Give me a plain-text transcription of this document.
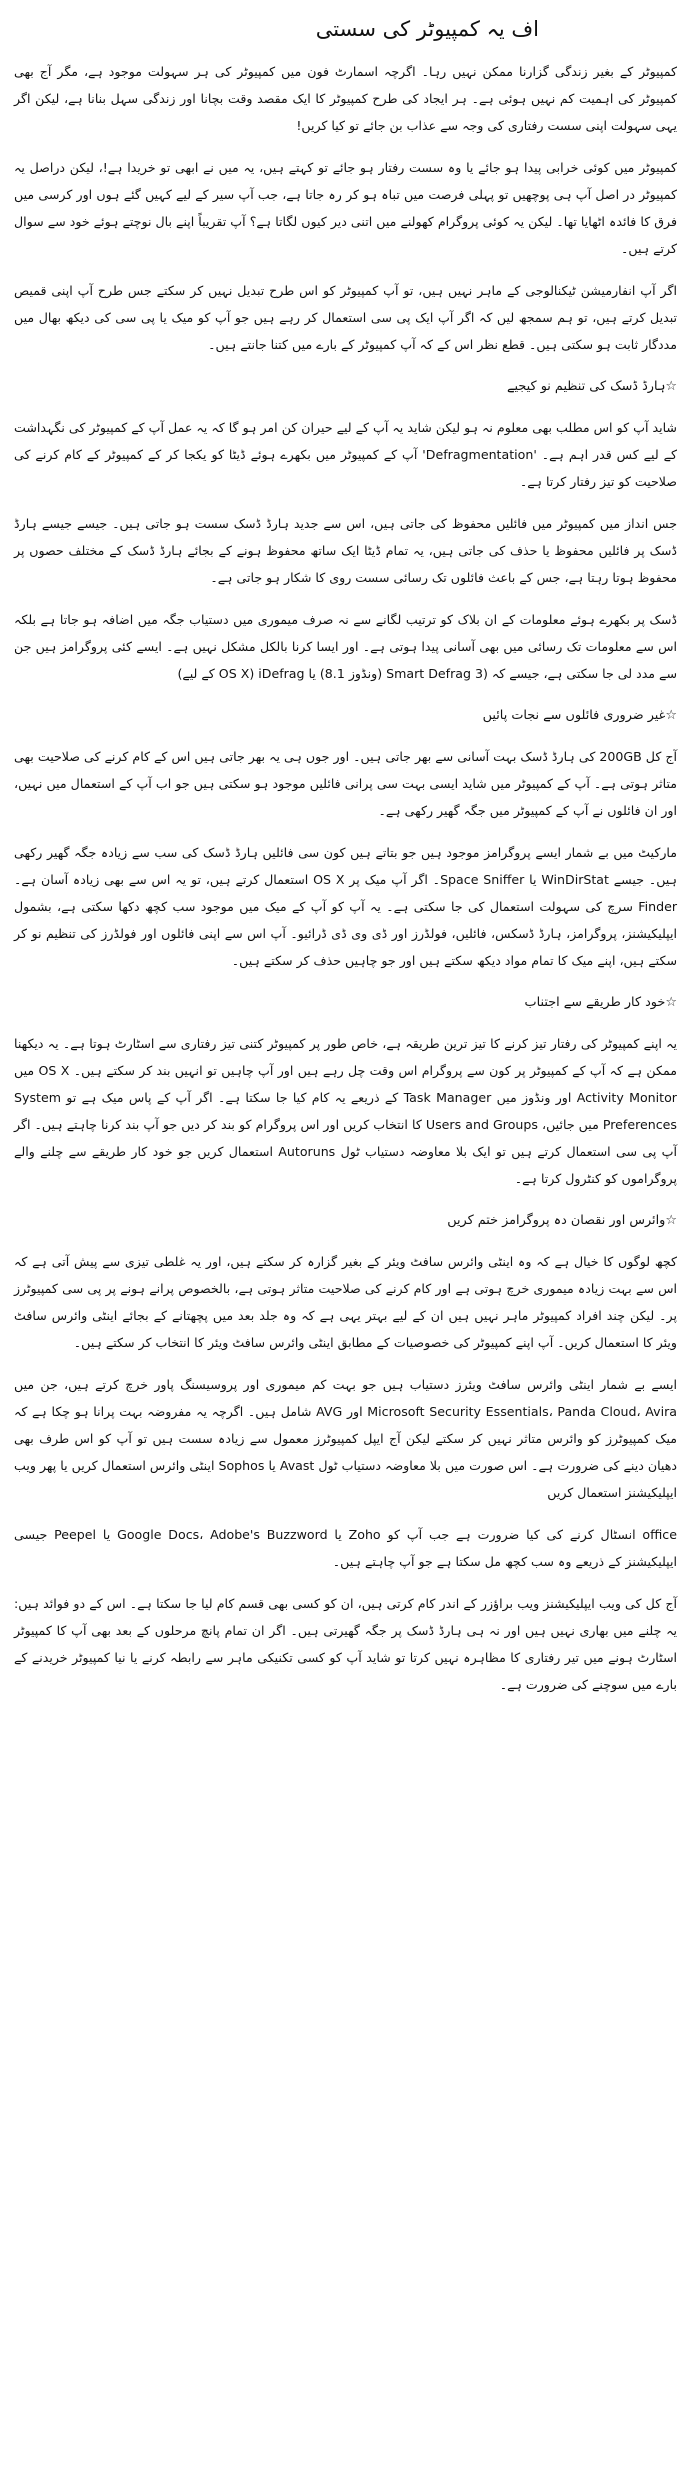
اف یہ کمپیوٹر کی سستی

کمپیوٹر کے بغیر زندگی گزارنا ممکن نہیں رہا۔ اگرچہ اسمارٹ فون میں کمپیوٹر کی ہر سہولت موجود ہے، مگر آج بھی کمپیوٹر کی اہمیت کم نہیں ہوئی ہے۔ ہر ایجاد کی طرح کمپیوٹر کا ایک مقصد وقت بچانا اور زندگی سہل بنانا ہے، لیکن اگر یہی سہولت اپنی سست رفتاری کی وجہ سے عذاب بن جائے تو کیا کریں!

کمپیوٹر میں کوئی خرابی پیدا ہو جائے یا وہ سست رفتار ہو جائے تو کہتے ہیں، یہ میں نے ابھی تو خریدا ہے!، لیکن دراصل یہ کمپیوٹر در اصل آپ ہی پوچھیں تو پہلی فرصت میں تباہ ہو کر رہ جاتا ہے، جب آپ سیر کے لیے کہیں گئے ہوں اور کرسی میں فرق کا فائدہ اٹھایا تھا۔ لیکن یہ کوئی پروگرام کھولنے میں اتنی دیر کیوں لگاتا ہے؟ آپ تقریباً اپنے بال نوچتے ہوئے خود سے سوال کرتے ہیں۔

اگر آپ انفارمیشن ٹیکنالوجی کے ماہر نہیں ہیں، تو آپ کمپیوٹر کو اس طرح تبدیل نہیں کر سکتے جس طرح آپ اپنی قمیص تبدیل کرتے ہیں، تو ہم سمجھ لیں کہ اگر آپ ایک پی سی استعمال کر رہے ہیں جو آپ کو میک یا پی سی کی دیکھ بھال میں مددگار ثابت ہو سکتی ہیں۔ قطع نظر اس کے کہ آپ کمپیوٹر کے بارے میں کتنا جانتے ہیں۔

☆ہارڈ ڈسک کی تنظیم نو کیجیے

شاید آپ کو اس مطلب بھی معلوم نہ ہو لیکن شاید یہ آپ کے لیے حیران کن امر ہو گا کہ یہ عمل آپ کے کمپیوٹر کی نگہداشت کے لیے کس قدر اہم ہے۔ 'Defragmentation' آپ کے کمپیوٹر میں بکھرے ہوئے ڈیٹا کو یکجا کر کے کمپیوٹر کے کام کرنے کی صلاحیت کو تیز رفتار کرتا ہے۔

جس انداز میں کمپیوٹر میں فائلیں محفوظ کی جاتی ہیں، اس سے جدید ہارڈ ڈسک سست ہو جاتی ہیں۔ جیسے جیسے ہارڈ ڈسک پر فائلیں محفوظ یا حذف کی جاتی ہیں، یہ تمام ڈیٹا ایک ساتھ محفوظ ہونے کے بجائے ہارڈ ڈسک کے مختلف حصوں پر محفوظ ہوتا رہتا ہے، جس کے باعث فائلوں تک رسائی سست روی کا شکار ہو جاتی ہے۔

ڈسک پر بکھرے ہوئے معلومات کے ان بلاک کو ترتیب لگانے سے نہ صرف میموری میں دستیاب جگہ میں اضافہ ہو جاتا ہے بلکہ اس سے معلومات تک رسائی میں بھی آسانی پیدا ہوتی ہے۔ اور ایسا کرنا بالکل مشکل نہیں ہے۔ ایسے کئی پروگرامز ہیں جن سے مدد لی جا سکتی ہے، جیسے کہ (Smart Defrag 3 (ونڈوز 8.1) یا iDefrag (OS X کے لیے)

☆غیر ضروری فائلوں سے نجات پائیں

آج کل 200GB کی ہارڈ ڈسک بہت آسانی سے بھر جاتی ہیں۔ اور جوں ہی یہ بھر جاتی ہیں اس کے کام کرنے کی صلاحیت بھی متاثر ہوتی ہے۔ آپ کے کمپیوٹر میں شاید ایسی بہت سی پرانی فائلیں موجود ہو سکتی ہیں جو اب آپ کے استعمال میں نہیں، اور ان فائلوں نے آپ کے کمپیوٹر میں جگہ گھیر رکھی ہے۔

مارکیٹ میں بے شمار ایسے پروگرامز موجود ہیں جو بتاتے ہیں کون سی فائلیں ہارڈ ڈسک کی سب سے زیادہ جگہ گھیر رکھی ہیں۔ جیسے WinDirStat یا Space Sniffer۔ اگر آپ میک پر OS X استعمال کرتے ہیں، تو یہ اس سے بھی زیادہ آسان ہے۔ Finder سرچ کی سہولت استعمال کی جا سکتی ہے۔ یہ آپ کو آپ کے میک میں موجود سب کچھ دکھا سکتی ہے، بشمول ایپلیکیشنز، پروگرامز، ہارڈ ڈسکس، فائلیں، فولڈرز اور ڈی وی ڈی ڈرائیو۔ آپ اس سے اپنی فائلوں اور فولڈرز کی تنظیم نو کر سکتے ہیں، اپنے میک کا تمام مواد دیکھ سکتے ہیں اور جو چاہیں حذف کر سکتے ہیں۔

☆خود کار طریقے سے اجتناب

یہ اپنے کمپیوٹر کی رفتار تیز کرنے کا تیز ترین طریقہ ہے، خاص طور پر کمپیوٹر کتنی تیز رفتاری سے اسٹارٹ ہوتا ہے۔ یہ دیکھنا ممکن ہے کہ آپ کے کمپیوٹر پر کون سے پروگرام اس وقت چل رہے ہیں اور آپ چاہیں تو انہیں بند کر سکتے ہیں۔ OS X میں Activity Monitor اور ونڈوز میں Task Manager کے ذریعے یہ کام کیا جا سکتا ہے۔ اگر آپ کے پاس میک ہے تو System Preferences میں جائیں، Users and Groups کا انتخاب کریں اور اس پروگرام کو بند کر دیں جو آپ بند کرنا چاہتے ہیں۔ اگر آپ پی سی استعمال کرتے ہیں تو ایک بلا معاوضہ دستیاب ٹول Autoruns استعمال کریں جو خود کار طریقے سے چلنے والے پروگراموں کو کنٹرول کرتا ہے۔

☆وائرس اور نقصان دہ پروگرامز ختم کریں

کچھ لوگوں کا خیال ہے کہ وہ اینٹی وائرس سافٹ ویئر کے بغیر گزارہ کر سکتے ہیں، اور یہ غلطی تیزی سے پیش آتی ہے کہ اس سے بہت زیادہ میموری خرچ ہوتی ہے اور کام کرنے کی صلاحیت متاثر ہوتی ہے، بالخصوص پرانے ہونے پر پی سی کمپیوٹرز پر۔ لیکن چند افراد کمپیوٹر ماہر نہیں ہیں ان کے لیے بہتر یہی ہے کہ وہ جلد بعد میں پچھتانے کے بجائے اینٹی وائرس سافٹ ویئر کا استعمال کریں۔ آپ اپنے کمپیوٹر کی خصوصیات کے مطابق اینٹی وائرس سافٹ ویئر کا انتخاب کر سکتے ہیں۔

ایسے بے شمار اینٹی وائرس سافٹ ویئرز دستیاب ہیں جو بہت کم میموری اور پروسیسنگ پاور خرچ کرتے ہیں، جن میں Microsoft Security Essentials، Panda Cloud، Avira اور AVG شامل ہیں۔ اگرچہ یہ مفروضہ بہت پرانا ہو چکا ہے کہ میک کمپیوٹرز کو وائرس متاثر نہیں کر سکتے لیکن آج ایپل کمپیوٹرز معمول سے زیادہ سست ہیں تو آپ کو اس طرف بھی دھیان دینے کی ضرورت ہے۔ اس صورت میں بلا معاوضہ دستیاب ٹول Avast یا Sophos اینٹی وائرس استعمال کریں یا پھر ویب ایپلیکیشنز استعمال کریں

office انسٹال کرنے کی کیا ضرورت ہے جب آپ کو Zoho یا Google Docs، Adobe's Buzzword یا Peepel جیسی ایپلیکیشنز کے ذریعے وہ سب کچھ مل سکتا ہے جو آپ چاہتے ہیں۔

آج کل کی ویب ایپلیکیشنز ویب براؤزر کے اندر کام کرتی ہیں، ان کو کسی بھی قسم کام لیا جا سکتا ہے۔ اس کے دو فوائد ہیں: یہ چلنے میں بھاری نہیں ہیں اور نہ ہی ہارڈ ڈسک پر جگہ گھیرتی ہیں۔ اگر ان تمام پانچ مرحلوں کے بعد بھی آپ کا کمپیوٹر اسٹارٹ ہونے میں تیر رفتاری کا مظاہرہ نہیں کرتا تو شاید آپ کو کسی تکنیکی ماہر سے رابطہ کرنے یا نیا کمپیوٹر خریدنے کے بارے میں سوچنے کی ضرورت ہے۔
